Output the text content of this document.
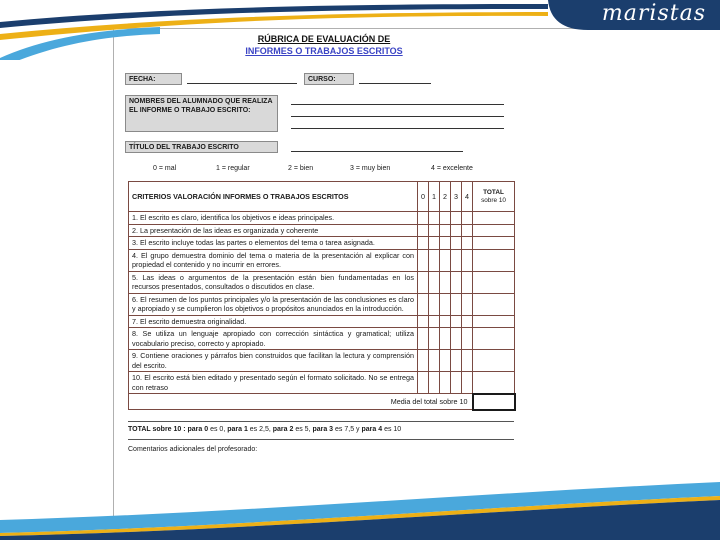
maristas
RÚBRICA DE EVALUACIÓN DE
INFORMES O TRABAJOS ESCRITOS
FECHA:	CURSO:
NOMBRES DEL ALUMNADO QUE REALIZA EL INFORME O TRABAJO ESCRITO:
TÍTULO DEL TRABAJO ESCRITO
0 = mal	1 = regular	2 = bien	3 = muy bien	4 = excelente
CRITERIOS VALORACIÓN INFORMES O TRABAJOS ESCRITOS	0	1	2	3	4	TOTAL
sobre 10

1. El escrito es claro, identifica los objetivos e ideas principales.						
2. La presentación de las ideas es organizada y coherente						
3. El escrito incluye todas las partes o elementos del tema o tarea asignada.						
4. El grupo demuestra dominio del tema o materia de la presentación al explicar con propiedad el contenido y no incurrir en errores.						
5. Las ideas o argumentos de la presentación están bien fundamentadas en los recursos presentados, consultados o discutidos en clase.						
6. El resumen de los puntos principales y/o la presentación de las conclusiones es claro y apropiado y se cumplieron los objetivos o propósitos anunciados en la introducción.						
7. El escrito demuestra originalidad.						
8. Se utiliza un lenguaje apropiado con corrección sintáctica y gramatical; utiliza vocabulario preciso, correcto y apropiado.						
9. Contiene oraciones y párrafos bien construidos que facilitan la lectura y comprensión del escrito.						
10. El escrito está bien editado y presentado según el formato solicitado. No se entrega con retraso						
Media del total sobre 10						
TOTAL sobre 10 : para 0 es 0, para 1 es 2,5, para 2 es 5, para 3 es 7,5 y para 4 es 10
Comentarios adicionales del profesorado:
